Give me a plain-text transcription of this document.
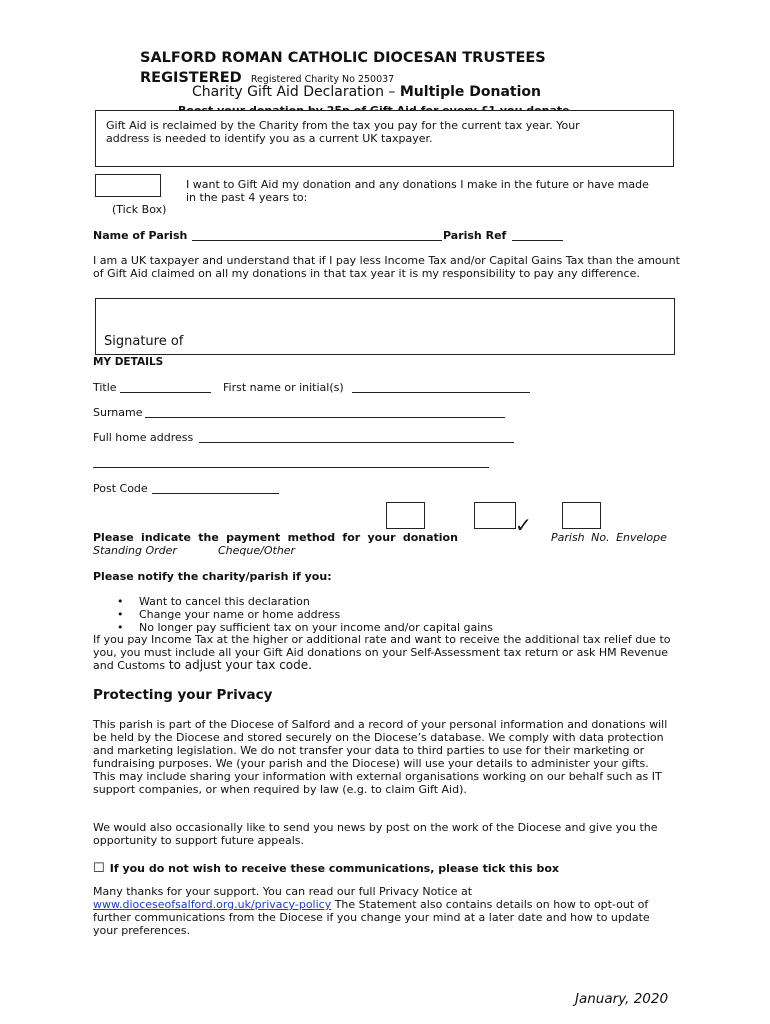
SALFORD ROMAN CATHOLIC DIOCESAN TRUSTEES
REGISTERED Registered Charity No 250037
Charity Gift Aid Declaration – Multiple Donation
Gift Aid is reclaimed by the Charity from the tax you pay for the current tax year. Your address is needed to identify you as a current UK taxpayer.
I want to Gift Aid my donation and any donations I make in the future or have made in the past 4 years to:
(Tick Box)
Name of Parish	Parish Ref
I am a UK taxpayer and understand that if I pay less Income Tax and/or Capital Gains Tax than the amount of Gift Aid claimed on all my donations in that tax year it is my responsibility to pay any difference.
Signature of
MY DETAILS
Title	First name or initial(s)
Surname
Full home address
Post Code
✓
Please indicate the payment method for your donation	Parish No. Envelope
Standing Order	Cheque/Other
Please notify the charity/parish if you:
• Want to cancel this declaration
• Change your name or home address
• No longer pay sufficient tax on your income and/or capital gains
If you pay Income Tax at the higher or additional rate and want to receive the additional tax relief due to you, you must include all your Gift Aid donations on your Self-Assessment tax return or ask HM Revenue and Customs to adjust your tax code.
Protecting your Privacy
This parish is part of the Diocese of Salford and a record of your personal information and donations will be held by the Diocese and stored securely on the Diocese’s database. We comply with data protection and marketing legislation. We do not transfer your data to third parties to use for their marketing or fundraising purposes. We (your parish and the Diocese) will use your details to administer your gifts. This may include sharing your information with external organisations working on our behalf such as IT support companies, or when required by law (e.g. to claim Gift Aid).
We would also occasionally like to send you news by post on the work of the Diocese and give you the opportunity to support future appeals.
☐ If you do not wish to receive these communications, please tick this box
Many thanks for your support. You can read our full Privacy Notice at
www.dioceseofsalford.org.uk/privacy-policy The Statement also contains details on how to opt-out of further communications from the Diocese if you change your mind at a later date and how to update your preferences.
January, 2020
